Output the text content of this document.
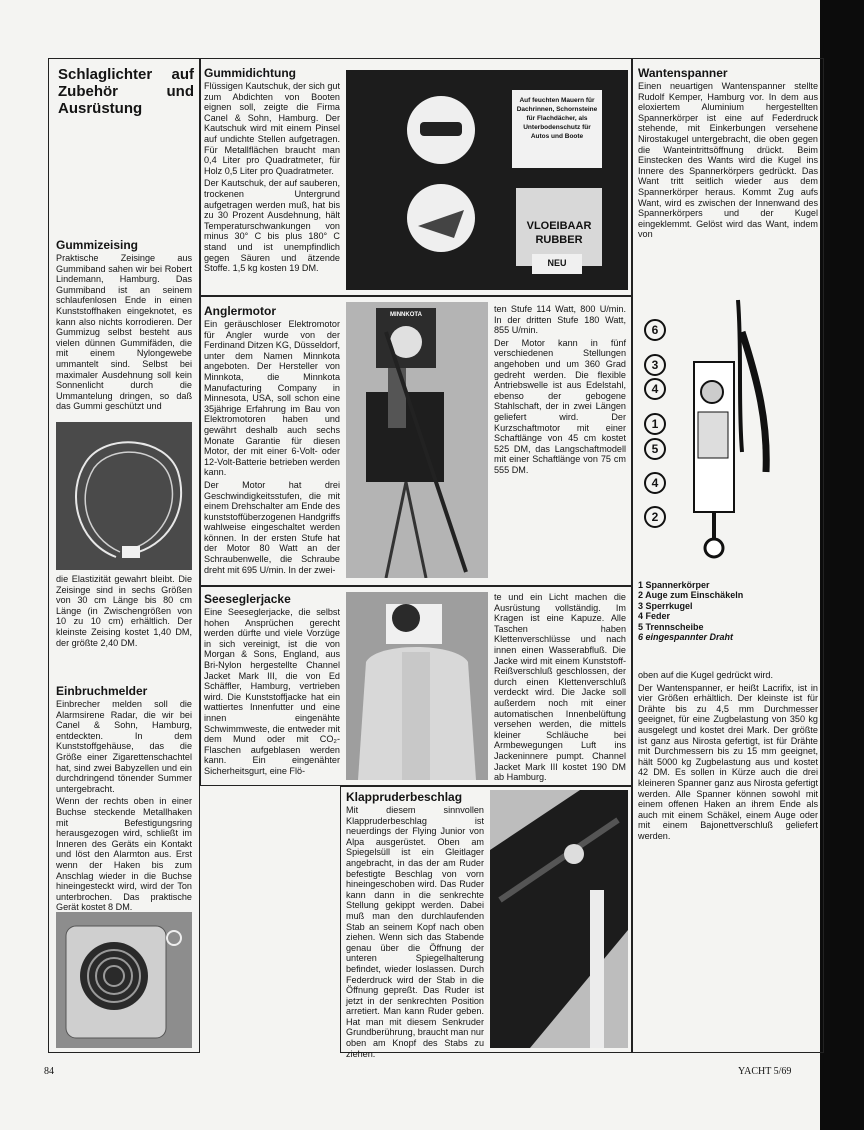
Schlaglichter auf Zubehör und Ausrüstung
Gummizeising

Praktische Zeisinge aus Gummiband sahen wir bei Robert Lindemann, Hamburg. Das Gummiband ist an seinem schlaufenlosen Ende in einen Kunststoffhaken eingeknotet, es kann also nichts korrodieren. Der Gummizug selbst besteht aus vielen dünnen Gummifäden, die mit einem Nylongewebe ummantelt sind. Selbst bei maximaler Ausdehnung soll kein Sonnenlicht durch die Ummantelung dringen, so daß das Gummi geschützt und

die Elastizität gewahrt bleibt. Die Zeisinge sind in sechs Größen von 30 cm Länge bis 80 cm Länge (in Zwischengrößen von 10 zu 10 cm) erhältlich. Der kleinste Zeising kostet 1,40 DM, der größte 2,40 DM.

Einbruchmelder

Einbrecher melden soll die Alarmsirene Radar, die wir bei Canel & Sohn, Hamburg, entdeckten. In dem Kunststoffgehäuse, das die Größe einer Zigarettenschachtel hat, sind zwei Babyzellen und ein durchdringend tönender Summer untergebracht.

Wenn der rechts oben in einer Buchse steckende Metallhaken mit Befestigungsring herausgezogen wird, schließt im Inneren des Geräts ein Kontakt und löst den Alarmton aus. Erst wenn der Haken bis zum Anschlag wieder in die Buchse hineingesteckt wird, wird der Ton unterbrochen. Das praktische Gerät kostet 8 DM.

Gummidichtung

Flüssigen Kautschuk, der sich gut zum Abdichten von Booten eignen soll, zeigte die Firma Canel & Sohn, Hamburg. Der Kautschuk wird mit einem Pinsel auf undichte Stellen aufgetragen. Für Metallflächen braucht man 0,4 Liter pro Quadratmeter, für Holz 0,5 Liter pro Quadratmeter.

Der Kautschuk, der auf sauberen, trockenen Untergrund aufgetragen werden muß, hat bis zu 30 Prozent Ausdehnung, hält Temperaturschwankungen von minus 30° C bis plus 180° C stand und ist unempfindlich gegen Säuren und ätzende Stoffe. 1,5 kg kosten 19 DM.

Auf feuchten Mauern für Dachrinnen, Schornsteine für Flachdächer, als Unterbodenschutz für Autos und Boote
VLOEIBAAR
RUBBER
NEU
Anglermotor

Ein geräuschloser Elektromotor für Angler wurde von der Ferdinand Ditzen KG, Düsseldorf, unter dem Namen Minnkota angeboten. Der Hersteller von Minnkota, die Minnkota Manufacturing Company in Minnesota, USA, soll schon eine 35jährige Erfahrung im Bau von Elektromotoren haben und gewährt deshalb auch sechs Monate Garantie für diesen Motor, der mit einer 6-Volt- oder 12-Volt-Batterie betrieben werden kann.

Der Motor hat drei Geschwindigkeitsstufen, die mit einem Drehschalter am Ende des kunststoffüberzogenen Handgriffs wahlweise eingeschaltet werden können. In der ersten Stufe hat der Motor 80 Watt an der Schraubenwelle, die Schraube dreht mit 695 U/min. In der zwei-

MINNKOTA

ten Stufe 114 Watt, 800 U/min. In der dritten Stufe 180 Watt, 855 U/min.

Der Motor kann in fünf verschiedenen Stellungen angehoben und um 360 Grad gedreht werden. Die flexible Antriebswelle ist aus Edelstahl, ebenso der gebogene Stahlschaft, der in zwei Längen geliefert wird. Der Kurzschaftmotor mit einer Schaftlänge von 45 cm kostet 525 DM, das Langschaftmodell mit einer Schaftlänge von 75 cm 555 DM.

Seeseglerjacke

Eine Seeseglerjacke, die selbst hohen Ansprüchen gerecht werden dürfte und viele Vorzüge in sich vereinigt, ist die von Morgan & Sons, England, aus Bri-Nylon hergestellte Channel Jacket Mark III, die von Ed Schäffler, Hamburg, vertrieben wird. Die Kunststoffjacke hat ein wattiertes Innenfutter und eine innen eingenähte Schwimmweste, die entweder mit dem Mund oder mit CO₂-Flaschen aufgeblasen werden kann. Ein eingenähter Sicherheitsgurt, eine Flö-

te und ein Licht machen die Ausrüstung vollständig. Im Kragen ist eine Kapuze. Alle Taschen haben Klettenverschlüsse und nach innen einen Wasserabfluß. Die Jacke wird mit einem Kunststoff-Reißverschluß geschlossen, der durch einen Klettenverschluß verdeckt wird. Die Jacke soll außerdem noch mit einer automatischen Innenbelüftung versehen werden, die mittels kleiner Schläuche bei Armbewegungen Luft ins Jackeninnere pumpt. Channel Jacket Mark III kostet 190 DM ab Hamburg.

Klappruderbeschlag

Mit diesem sinnvollen Klappruderbeschlag ist neuerdings der Flying Junior von Alpa ausgerüstet. Oben am Spiegelsüll ist ein Gleitlager angebracht, in das der am Ruder befestigte Beschlag von vorn hineingeschoben wird. Das Ruder kann dann in die senkrechte Stellung gekippt werden. Dabei muß man den durchlaufenden Stab an seinem Kopf nach oben ziehen. Wenn sich das Stabende genau über die Öffnung der unteren Spiegelhalterung befindet, wieder loslassen. Durch Federdruck wird der Stab in die Öffnung gepreßt. Das Ruder ist jetzt in der senkrechten Position arretiert. Man kann Ruder geben. Hat man mit diesem Senkruder Grundberührung, braucht man nur oben am Knopf des Stabs zu ziehen.

Wantenspanner

Einen neuartigen Wantenspanner stellte Rudolf Kemper, Hamburg vor. In dem aus eloxiertem Aluminium hergestellten Spannerkörper ist eine auf Federdruck stehende, mit Einkerbungen versehene Nirostakugel untergebracht, die oben gegen die Wanteintrittsöffnung drückt. Beim Einstecken des Wants wird die Kugel ins Innere des Spannerkörpers gedrückt. Das Want tritt seitlich wieder aus dem Spannerkörper heraus. Kommt Zug aufs Want, wird es zwischen der Innenwand des Spannerkörpers und der Kugel eingeklemmt. Gelöst wird das Want, indem von

6
3
4
1
5
4
2
1 Spannerkörper
2 Auge zum Einschäkeln
3 Sperrkugel
4 Feder
5 Trennscheibe
6 eingespannter Draht

oben auf die Kugel gedrückt wird.

Der Wantenspanner, er heißt Lacrifix, ist in vier Größen erhältlich. Der kleinste ist für Drähte bis zu 4,5 mm Durchmesser geeignet, für eine Zugbelastung von 350 kg ausgelegt und kostet drei Mark. Der größte ist ganz aus Nirosta gefertigt, ist für Drähte mit Durchmessern bis zu 15 mm geeignet, hält 5000 kg Zugbelastung aus und kostet 42 DM. Es sollen in Kürze auch die drei kleineren Spanner ganz aus Nirosta gefertigt werden. Alle Spanner können sowohl mit einem offenen Haken an ihrem Ende als auch mit einem Schäkel, einem Auge oder mit einem Bajonettverschluß geliefert werden.

84	YACHT 5/69
